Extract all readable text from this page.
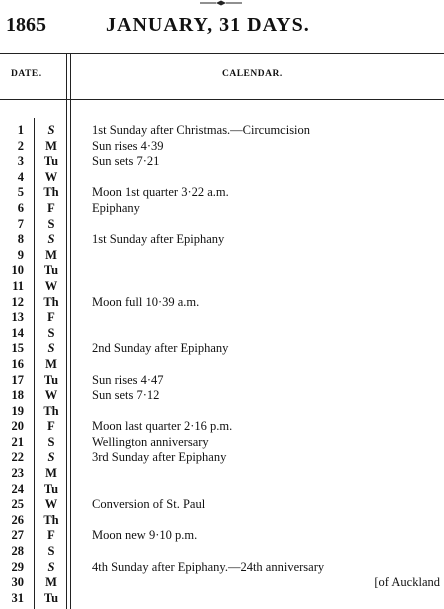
1865	JANUARY, 31 DAYS.
DATE.	CALENDAR.
1	S	1st Sunday after Christmas.—Circumcision
2	M	Sun rises 4·39
3	Tu	Sun sets 7·21
4	W
5	Th	Moon 1st quarter 3·22 a.m.
6	F	Epiphany
7	S
8	S	1st Sunday after Epiphany
9	M
10	Tu
11	W
12	Th	Moon full 10·39 a.m.
13	F
14	S
15	S	2nd Sunday after Epiphany
16	M
17	Tu	Sun rises 4·47
18	W	Sun sets 7·12
19	Th
20	F	Moon last quarter 2·16 p.m.
21	S	Wellington anniversary
22	S	3rd Sunday after Epiphany
23	M
24	Tu
25	W	Conversion of St. Paul
26	Th
27	F	Moon new 9·10 p.m.
28	S
29	S	4th Sunday after Epiphany.—24th anniversary
30	M	[of Auckland
31	Tu
